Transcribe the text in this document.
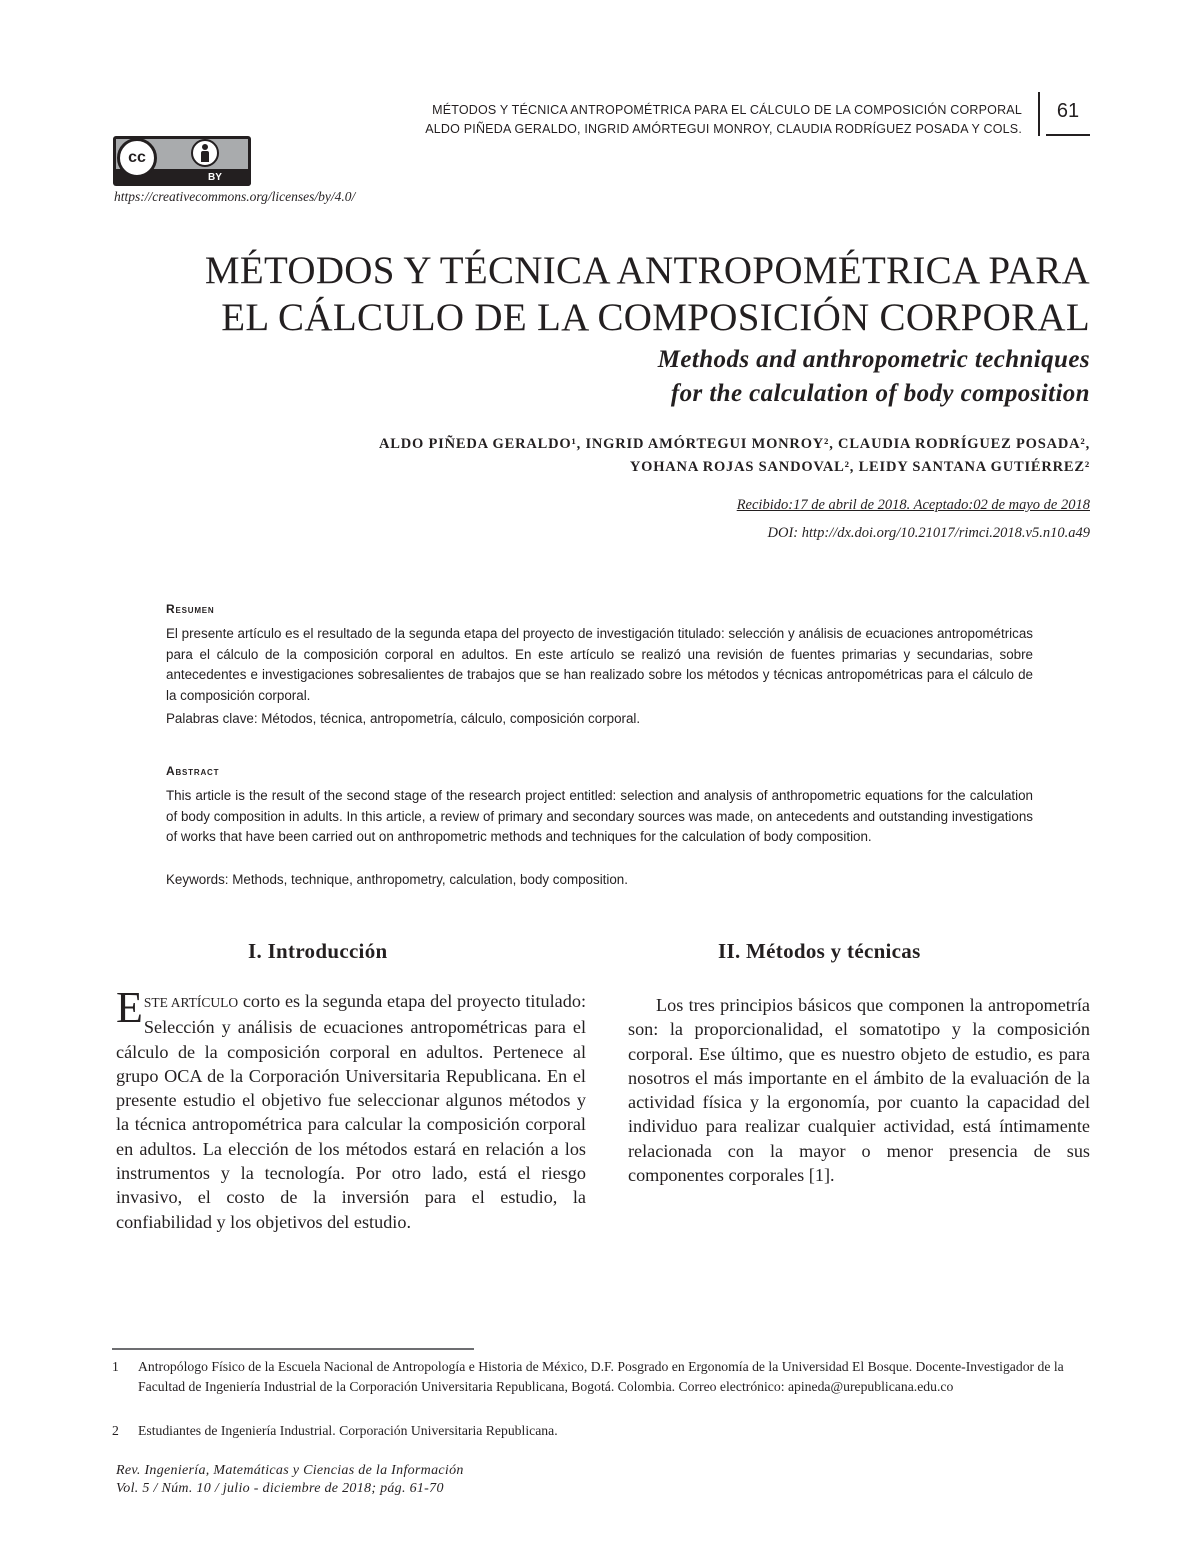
MÉTODOS Y TÉCNICA ANTROPOMÉTRICA PARA EL CÁLCULO DE LA COMPOSICIÓN CORPORAL
ALDO PIÑEDA GERALDO, INGRID AMÓRTEGUI MONROY, CLAUDIA RODRÍGUEZ POSADA Y COLS.
61
cc
BY
https://creativecommons.org/licenses/by/4.0/
MÉTODOS Y TÉCNICA ANTROPOMÉTRICA PARA
EL CÁLCULO DE LA COMPOSICIÓN CORPORAL
Methods and anthropometric techniques
for the calculation of body composition
ALDO PIÑEDA GERALDO¹, INGRID AMÓRTEGUI MONROY², CLAUDIA RODRÍGUEZ POSADA²,
YOHANA ROJAS SANDOVAL², LEIDY SANTANA GUTIÉRREZ²
Recibido:17 de abril de 2018. Aceptado:02 de mayo de 2018
DOI: http://dx.doi.org/10.21017/rimci.2018.v5.n10.a49
Resumen
El presente artículo es el resultado de la segunda etapa del proyecto de investigación titulado: selección y análisis de ecuaciones antropométricas para el cálculo de la composición corporal en adultos. En este artículo se realizó una revisión de fuentes primarias y secundarias, sobre antecedentes e investigaciones sobresalientes de trabajos que se han realizado sobre los métodos y técnicas antropométricas para el cálculo de la composición corporal.
Palabras clave: Métodos, técnica, antropometría, cálculo, composición corporal.
Abstract
This article is the result of the second stage of the research project entitled: selection and analysis of anthropometric equations for the calculation of body composition in adults. In this article, a review of primary and secondary sources was made, on antecedents and outstanding investigations of works that have been carried out on anthropometric methods and techniques for the calculation of body composition.
Keywords: Methods, technique, anthropometry, calculation, body composition.
I. Introducción
ESTE ARTÍCULO corto es la segunda etapa del proyecto titulado: Selección y análisis de ecuaciones antropométricas para el cálculo de la composición corporal en adultos. Pertenece al grupo OCA de la Corporación Universitaria Republicana. En el presente estudio el objetivo fue seleccionar algunos métodos y la técnica antropométrica para calcular la composición corporal en adultos. La elección de los métodos estará en relación a los instrumentos y la tecnología. Por otro lado, está el riesgo invasivo, el costo de la inversión para el estudio, la confiabilidad y los objetivos del estudio.
II. Métodos y técnicas
Los tres principios básicos que componen la antropometría son: la proporcionalidad, el somatotipo y la composición corporal. Ese último, que es nuestro objeto de estudio, es para nosotros el más importante en el ámbito de la evaluación de la actividad física y la ergonomía, por cuanto la capacidad del individuo para realizar cualquier actividad, está íntimamente relacionada con la mayor o menor presencia de sus componentes corporales [1].
1	Antropólogo Físico de la Escuela Nacional de Antropología e Historia de México, D.F. Posgrado en Ergonomía de la Universidad El Bosque. Docente-Investigador de la Facultad de Ingeniería Industrial de la Corporación Universitaria Republicana, Bogotá. Colombia. Correo electrónico: apineda@urepublicana.edu.co
2	Estudiantes de Ingeniería Industrial. Corporación Universitaria Republicana.
Rev. Ingeniería, Matemáticas y Ciencias de la Información
Vol. 5 / Núm. 10 / julio - diciembre de 2018; pág. 61-70
